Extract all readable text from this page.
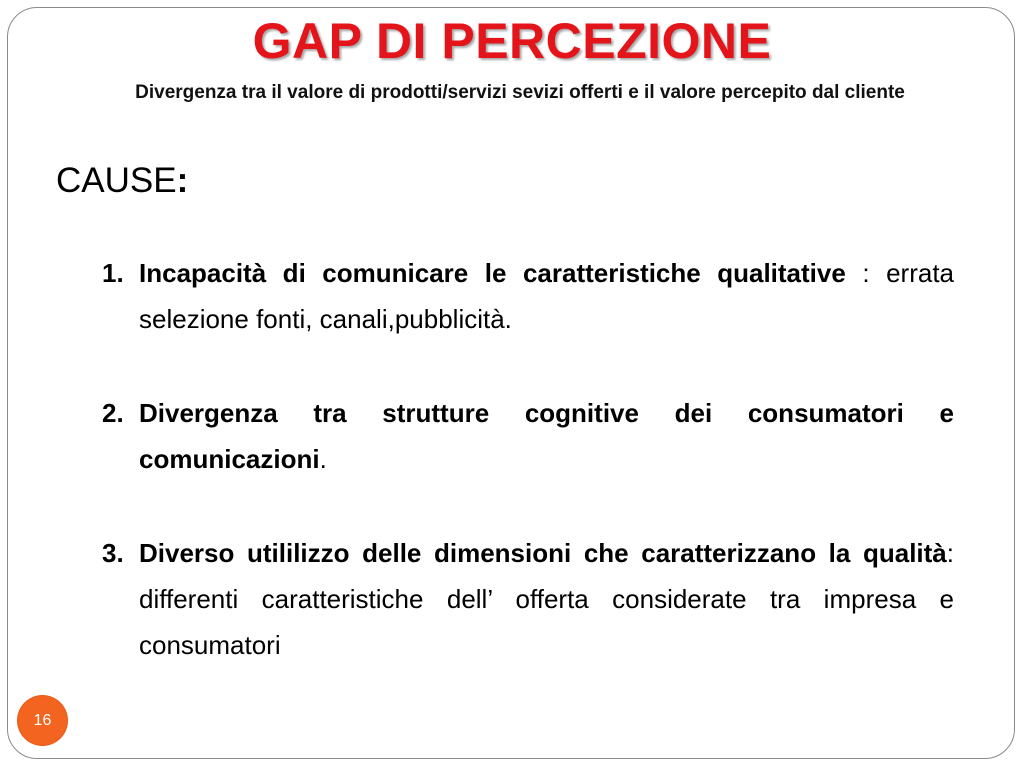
GAP DI PERCEZIONE
Divergenza tra il valore di prodotti/servizi sevizi offerti e il valore percepito dal cliente
CAUSE:
1. Incapacità di comunicare le caratteristiche qualitative : errata selezione fonti, canali,pubblicità.
2. Divergenza tra strutture cognitive dei consumatori e comunicazioni.
3. Diverso utililizzo delle dimensioni che caratterizzano la qualità: differenti caratteristiche dell’ offerta considerate tra impresa e consumatori
16
